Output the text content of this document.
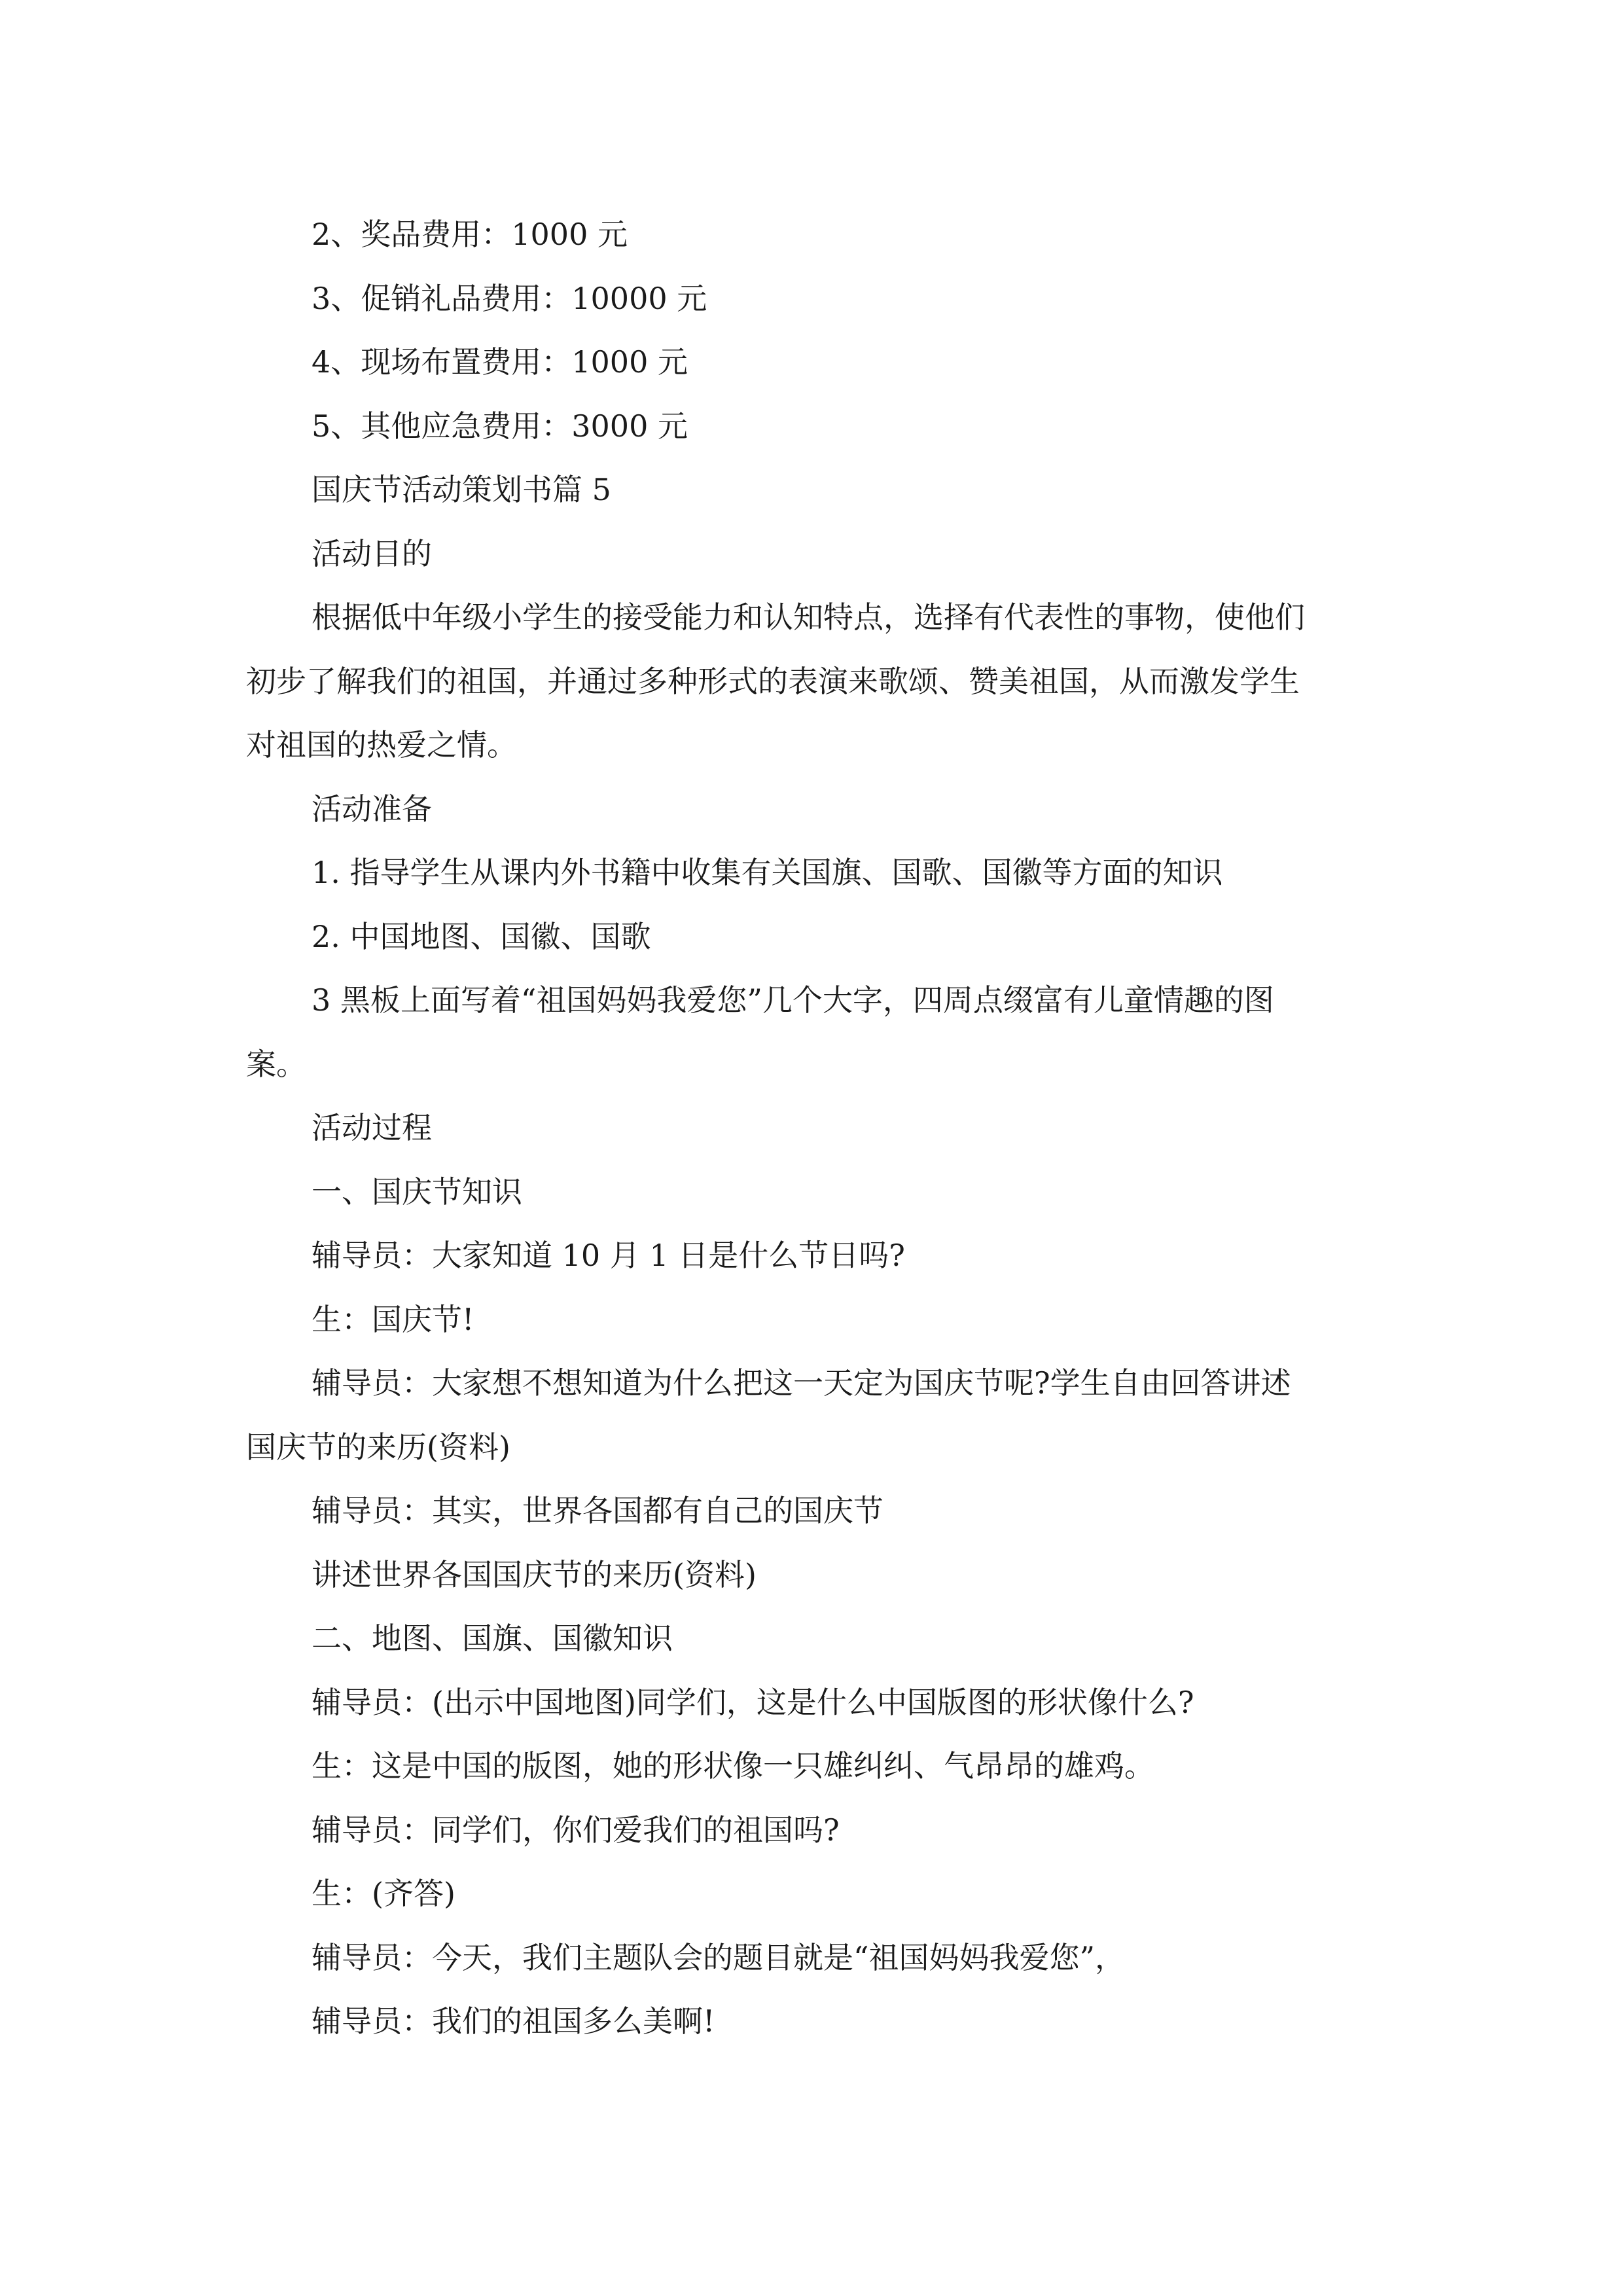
2、奖品费用：1000 元
3、促销礼品费用：10000 元
4、现场布置费用：1000 元
5、其他应急费用：3000 元
国庆节活动策划书篇 5
活动目的
根据低中年级小学生的接受能力和认知特点，选择有代表性的事物，使他们
初步了解我们的祖国，并通过多种形式的表演来歌颂、赞美祖国，从而激发学生
对祖国的热爱之情。
活动准备
1. 指导学生从课内外书籍中收集有关国旗、国歌、国徽等方面的知识
2. 中国地图、国徽、国歌
3 黑板上面写着“祖国妈妈我爱您”几个大字，四周点缀富有儿童情趣的图
案。
活动过程
一、国庆节知识
辅导员：大家知道 10 月 1 日是什么节日吗?
生：国庆节!
辅导员：大家想不想知道为什么把这一天定为国庆节呢?学生自由回答讲述
国庆节的来历(资料)
辅导员：其实，世界各国都有自己的国庆节
讲述世界各国国庆节的来历(资料)
二、地图、国旗、国徽知识
辅导员：(出示中国地图)同学们，这是什么中国版图的形状像什么?
生：这是中国的版图，她的形状像一只雄纠纠、气昂昂的雄鸡。
辅导员：同学们，你们爱我们的祖国吗?
生：(齐答)
辅导员：今天，我们主题队会的题目就是“祖国妈妈我爱您”，
辅导员：我们的祖国多么美啊!
